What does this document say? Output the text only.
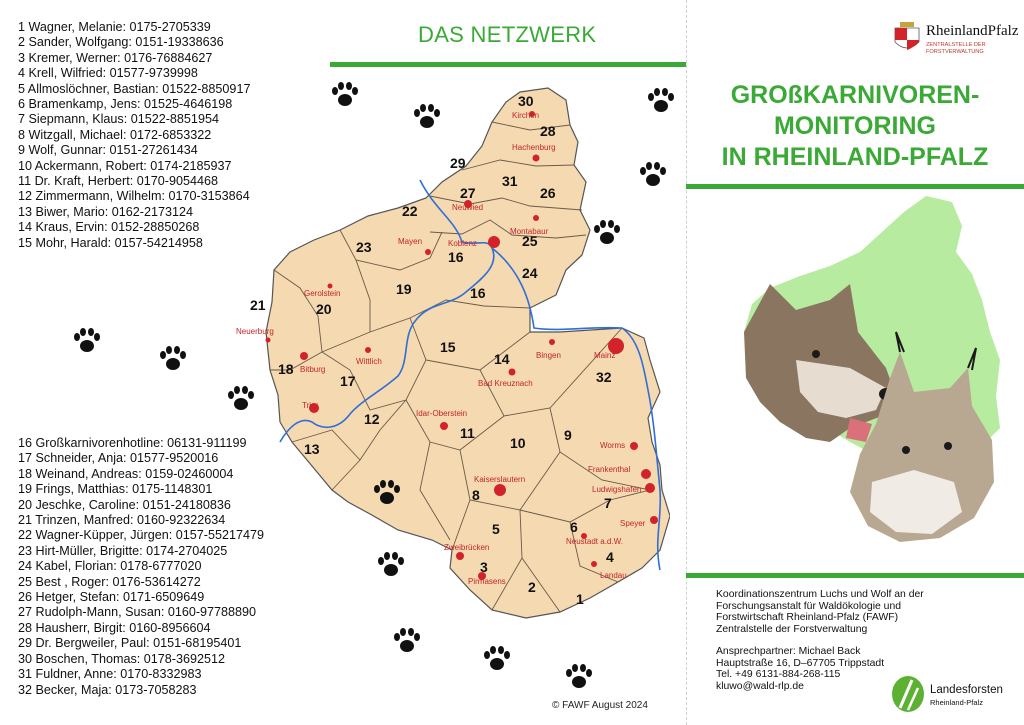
1 Wagner, Melanie: 0175-2705339
2 Sander, Wolfgang: 0151-19338636
3 Kremer, Werner: 0176-76884627
4 Krell, Wilfried: 01577-9739998
5 Allmoslöchner, Bastian: 01522-8850917
6 Bramenkamp, Jens: 01525-4646198
7 Siepmann, Klaus: 01522-8851954
8 Witzgall, Michael: 0172-6853322
9 Wolf, Gunnar: 0151-27261434
10 Ackermann, Robert: 0174-2185937
11 Dr. Kraft, Herbert: 0170-9054468
12 Zimmermann, Wilhelm: 0170-3153864
13 Biwer, Mario: 0162-2173124
14 Kraus, Ervin: 0152-28850268
15 Mohr, Harald: 0157-54214958
16 Großkarnivorenhotline: 06131-911199
17 Schneider, Anja: 01577-9520016
18 Weinand, Andreas: 0159-02460004
19 Frings, Matthias: 0175-1148301
20 Jeschke, Caroline: 0151-24180836
21 Trinzen, Manfred: 0160-92322634
22 Wagner-Küpper, Jürgen: 0157-55217479
23 Hirt-Müller, Brigitte: 0174-2704025
24 Kabel, Florian: 0178-6777020
25 Best , Roger: 0176-53614272
26 Hetger, Stefan: 0171-6509649
27 Rudolph-Mann, Susan: 0160-97788890
28 Hausherr, Birgit: 0160-8956604
29 Dr. Bergweiler, Paul: 0151-68195401
30 Boschen, Thomas: 0178-3692512
31 Fuldner, Anne: 0170-8332983
32 Becker, Maja: 0173-7058283
DAS NETZWERK
30
28
29
31
27	26
22
25
23
16
24
21	20
19	16
15
14
18
17	32
12
11
13	10	9
8	7
5	6
4
3
2
1
Kirchen
Hachenburg
Neuwied
Montabaur
Mayen	Koblenz
Gerolstein
Neuerburg
Bitburg
Wittlich
Trier
Bingen	Mainz
Bad Kreuznach
Idar-Oberstein
Worms
Frankenthal
Ludwigshafen
Kaiserslautern
Speyer
Neustadt a.d.W.
Zweibrücken
Landau
Pirmasens
© FAWF August 2024
RheinlandPfalz
ZENTRALSTELLE DER
FORSTVERWALTUNG
GROßKARNIVOREN-
MONITORING
IN RHEINLAND-PFALZ
Koordinationszentrum Luchs und Wolf an der
Forschungsanstalt für Waldökologie und
Forstwirtschaft Rheinland-Pfalz (FAWF)
Zentralstelle der Forstverwaltung
Ansprechpartner: Michael Back
Hauptstraße 16, D–67705 Trippstadt
Tel. +49 6131-884-268-115
kluwo@wald-rlp.de	Landesforsten
Rheinland-Pfalz
